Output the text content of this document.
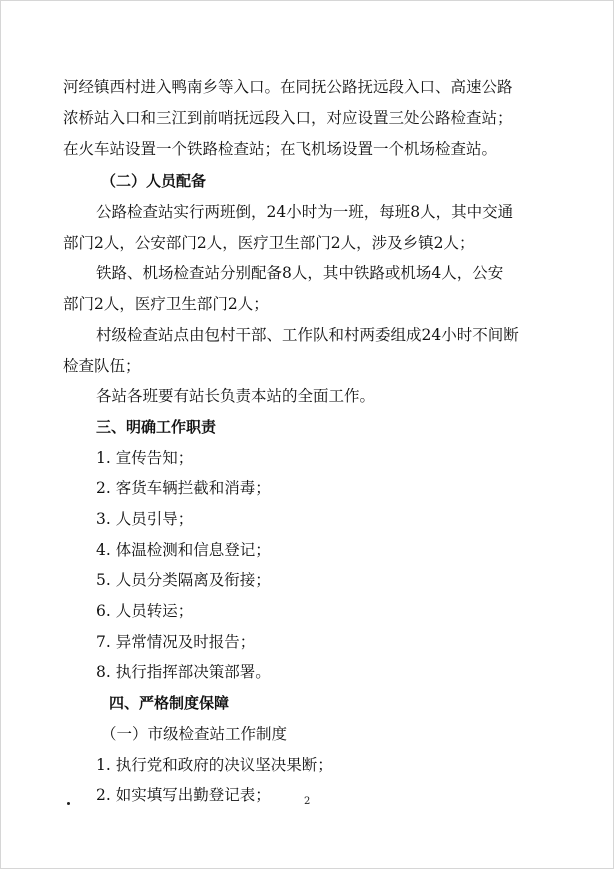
河经镇西村进入鸭南乡等入口。在同抚公路抚远段入口、高速公路
浓桥站入口和三江到前哨抚远段入口，对应设置三处公路检查站；
在火车站设置一个铁路检查站；在飞机场设置一个机场检查站。
（二）人员配备
公路检查站实行两班倒，24小时为一班，每班8人，其中交通
部门2人，公安部门2人，医疗卫生部门2人，涉及乡镇2人；
铁路、机场检查站分别配备8人，其中铁路或机场4人，公安
部门2人，医疗卫生部门2人；
村级检查站点由包村干部、工作队和村两委组成24小时不间断
检查队伍；
各站各班要有站长负责本站的全面工作。
三、明确工作职责
1. 宣传告知；
2. 客货车辆拦截和消毒；
3. 人员引导；
4. 体温检测和信息登记；
5. 人员分类隔离及衔接；
6. 人员转运；
7. 异常情况及时报告；
8. 执行指挥部决策部署。
四、严格制度保障
（一）市级检查站工作制度
1. 执行党和政府的决议坚决果断；
2. 如实填写出勤登记表；	2
